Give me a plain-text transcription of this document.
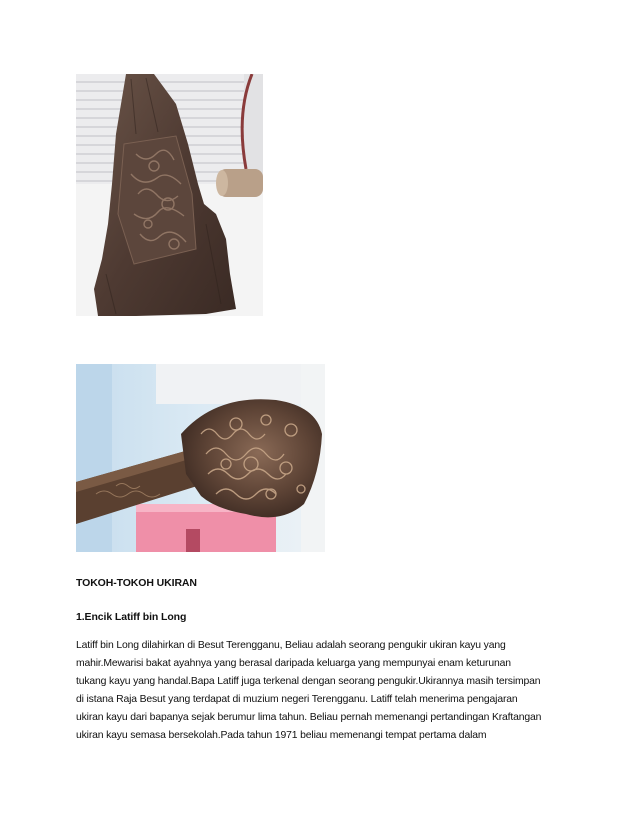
TOKOH-TOKOH UKIRAN
1.Encik Latiff bin Long
Latiff bin Long dilahirkan di Besut Terengganu, Beliau adalah seorang pengukir ukiran kayu yang
mahir.Mewarisi bakat ayahnya yang berasal daripada keluarga yang mempunyai enam keturunan
tukang kayu yang handal.Bapa Latiff juga terkenal dengan seorang pengukir.Ukirannya masih tersimpan
di istana Raja Besut yang terdapat di muzium negeri Terengganu. Latiff telah menerima pengajaran
ukiran kayu dari bapanya sejak berumur lima tahun. Beliau pernah memenangi pertandingan Kraftangan
ukiran kayu semasa bersekolah.Pada tahun 1971 beliau memenangi tempat pertama dalam
